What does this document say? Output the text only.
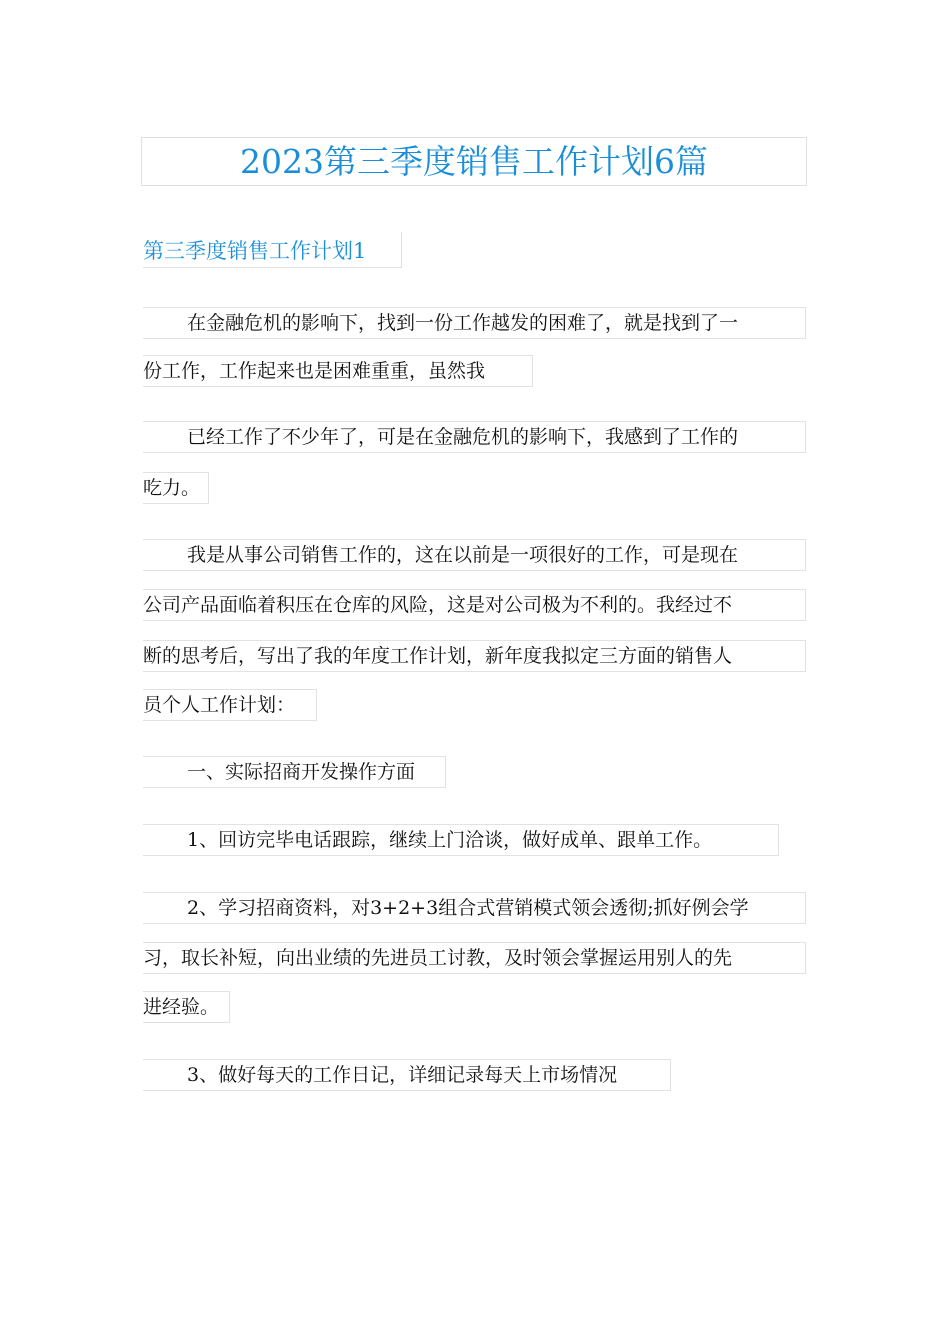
2023第三季度销售工作计划6篇
第三季度销售工作计划1
在金融危机的影响下，找到一份工作越发的困难了，就是找到了一
份工作，工作起来也是困难重重，虽然我
已经工作了不少年了，可是在金融危机的影响下，我感到了工作的
吃力。
我是从事公司销售工作的，这在以前是一项很好的工作，可是现在
公司产品面临着积压在仓库的风险，这是对公司极为不利的。我经过不
断的思考后，写出了我的年度工作计划，新年度我拟定三方面的销售人
员个人工作计划：
一、实际招商开发操作方面
1、回访完毕电话跟踪，继续上门洽谈，做好成单、跟单工作。
2、学习招商资料，对3+2+3组合式营销模式领会透彻;抓好例会学
习，取长补短，向出业绩的先进员工讨教，及时领会掌握运用别人的先
进经验。
3、做好每天的工作日记，详细记录每天上市场情况
